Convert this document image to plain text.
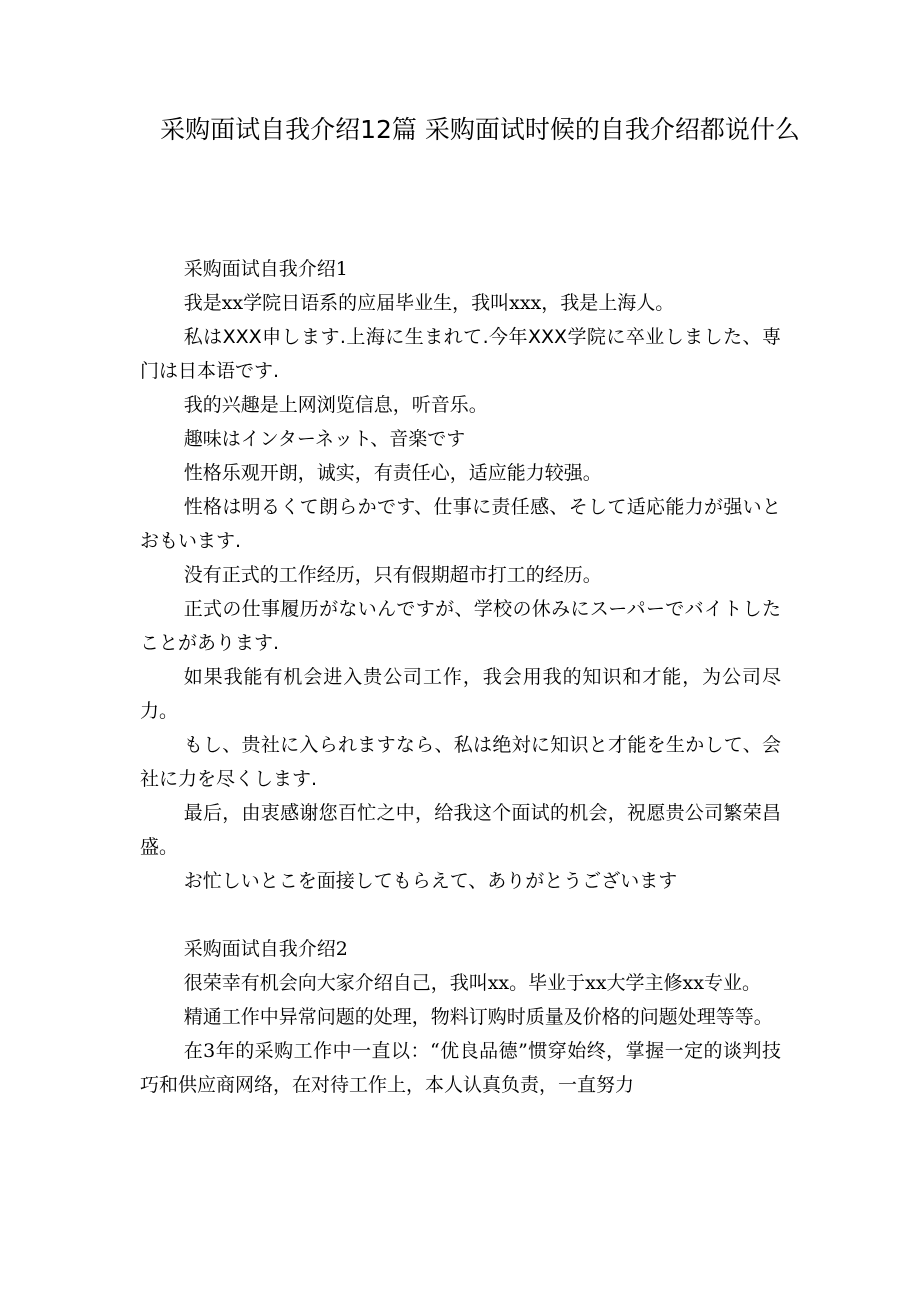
采购面试自我介绍12篇 采购面试时候的自我介绍都说什么

采购面试自我介绍1

我是xx学院日语系的应届毕业生，我叫xxx，我是上海人。

私はXXX申します.上海に生まれて.今年XXX学院に卒业しました、専门は日本语です.

我的兴趣是上网浏览信息，听音乐。

趣味はインターネット、音楽です

性格乐观开朗，诚实，有责任心，适应能力较强。

性格は明るくて朗らかです、仕事に责任感、そして适応能力が强いとおもいます.

没有正式的工作经历，只有假期超市打工的经历。

正式の仕事履历がないんですが、学校の休みにスーパーでバイトしたことがあります.

如果我能有机会进入贵公司工作，我会用我的知识和才能，为公司尽力。

もし、贵社に入られますなら、私は绝対に知识と才能を生かして、会社に力を尽くします.

最后，由衷感谢您百忙之中，给我这个面试的机会，祝愿贵公司繁荣昌盛。

お忙しいとこを面接してもらえて、ありがとうございます

采购面试自我介绍2

很荣幸有机会向大家介绍自己，我叫xx。毕业于xx大学主修xx专业。

精通工作中异常问题的处理，物料订购时质量及价格的问题处理等等。

在3年的采购工作中一直以：“优良品德”惯穿始终，掌握一定的谈判技巧和供应商网络，在对待工作上，本人认真负责，一直努力
